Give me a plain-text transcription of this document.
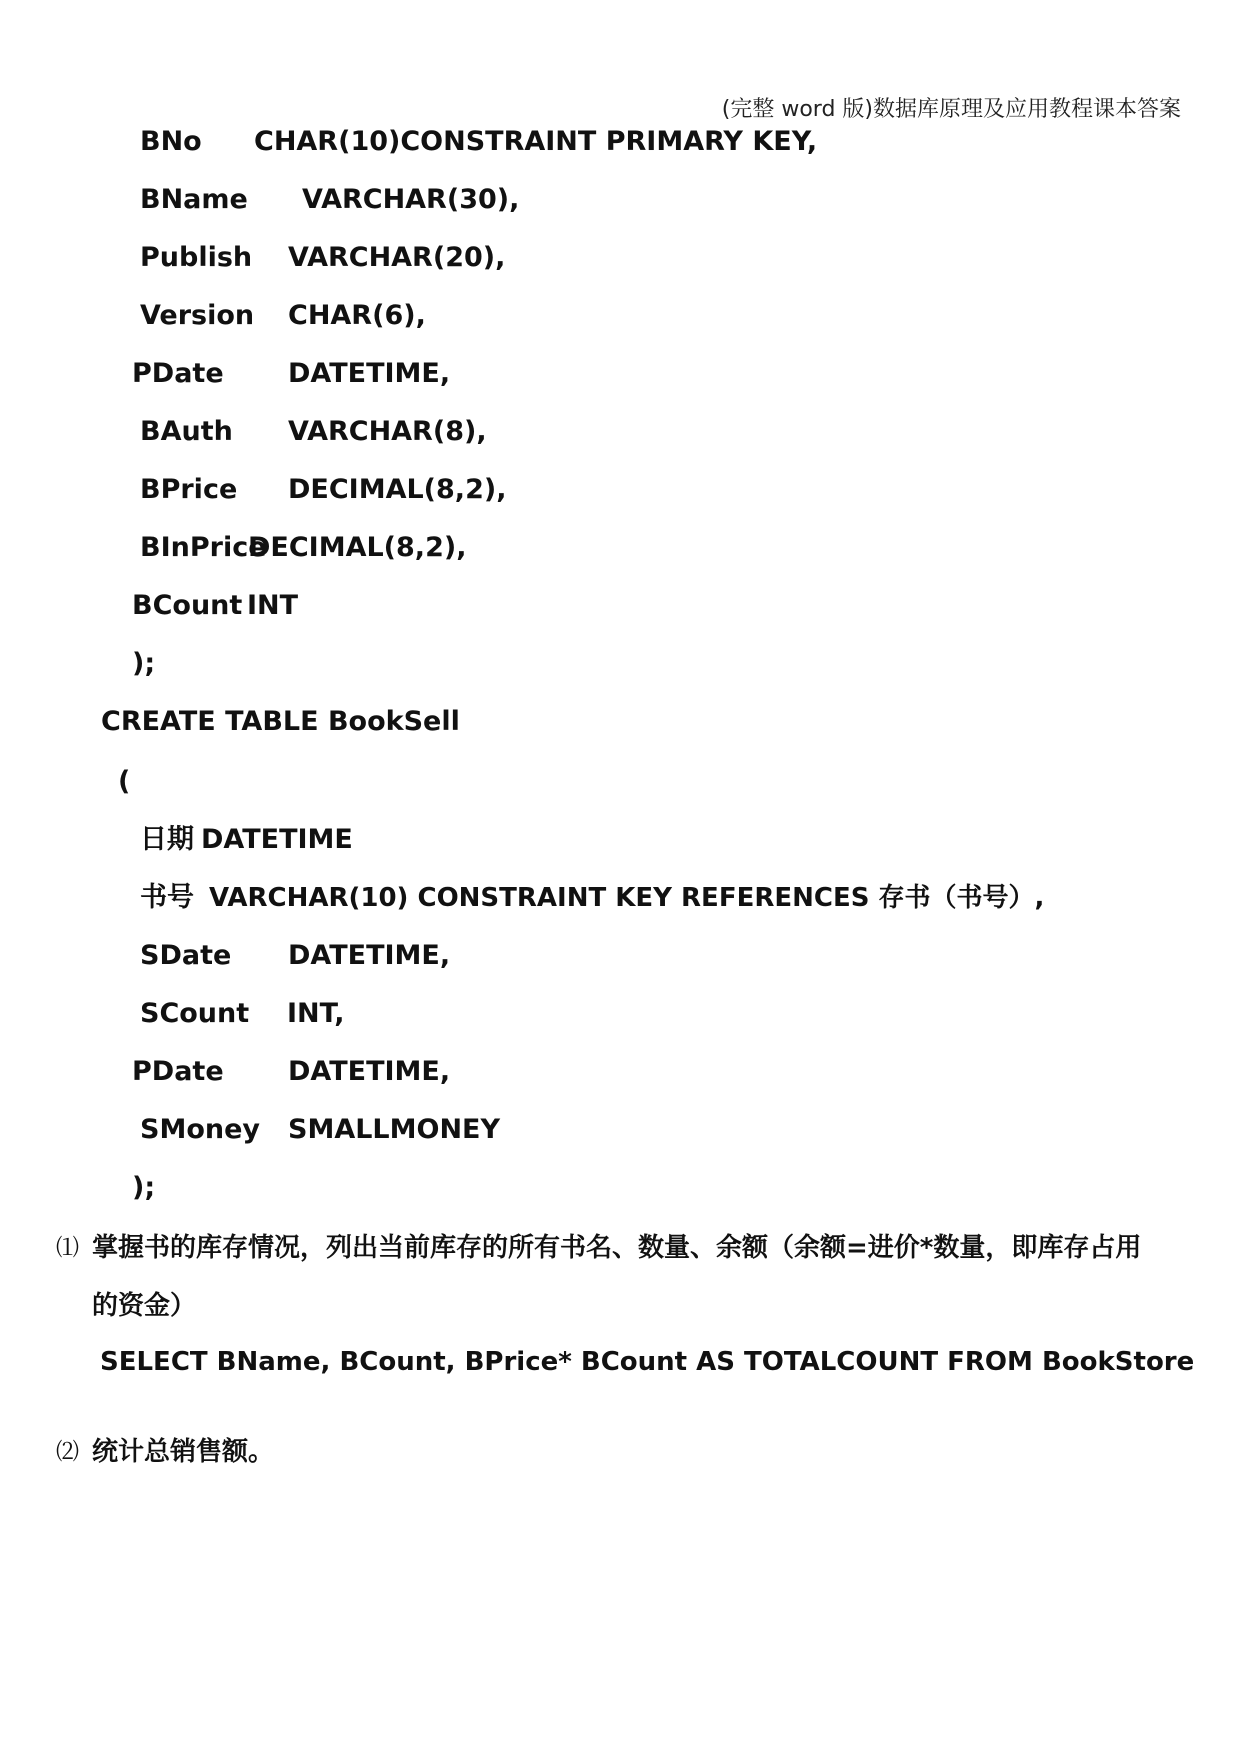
(完整 word 版)数据库原理及应用教程课本答案
BNo CHAR(10)CONSTRAINT PRIMARY KEY,
BName VARCHAR(30),
Publish VARCHAR(20),
Version CHAR(6),
PDate DATETIME,
BAuth VARCHAR(8),
BPrice DECIMAL(8,2),
BInPrice
DECIMAL(8,2),
BCount INT
);
CREATE TABLE BookSell
(
日期 DATETIME
书号 VARCHAR(10) CONSTRAINT KEY REFERENCES 存书（书号）,
SDate DATETIME,
SCount INT,
PDate DATETIME,
SMoney SMALLMONEY
);
⑴ 掌握书的库存情况，列出当前库存的所有书名、数量、余额（余额=进价*数量，即库存占用
的资金）
SELECT BName, BCount, BPrice* BCount AS TOTALCOUNT FROM BookStore
⑵ 统计总销售额。
